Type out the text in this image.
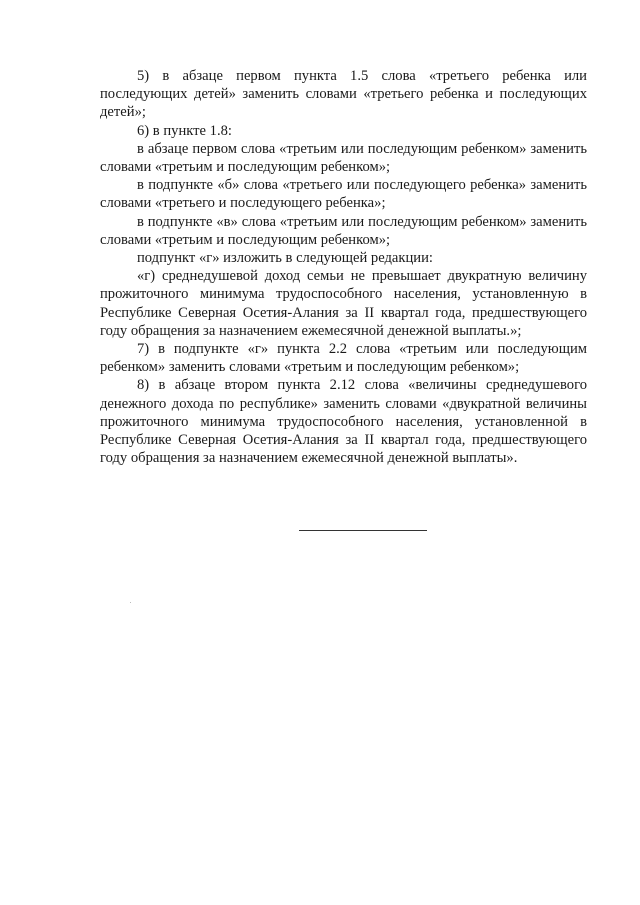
5) в абзаце первом пункта 1.5 слова «третьего ребенка или последующих детей» заменить словами «третьего ребенка и последующих детей»;

6) в пункте 1.8:

в абзаце первом слова «третьим или последующим ребенком» заменить словами «третьим и последующим ребенком»;

в подпункте «б» слова «третьего или последующего ребенка» заменить словами «третьего и последующего ребенка»;

в подпункте «в» слова «третьим или последующим ребенком» заменить словами «третьим и последующим ребенком»;

подпункт «г» изложить в следующей редакции:

«г) среднедушевой доход семьи не превышает двукратную величину прожиточного минимума трудоспособного населения, установленную в Республике Северная Осетия-Алания за II квартал года, предшествующего году обращения за назначением ежемесячной денежной выплаты.»;

7) в подпункте «г» пункта 2.2 слова «третьим или последующим ребенком» заменить словами «третьим и последующим ребенком»;

8) в абзаце втором пункта 2.12 слова «величины среднедушевого денежного дохода по республике» заменить словами «двукратной величины прожиточного минимума трудоспособного населения, установленной в Республике Северная Осетия-Алания за II квартал года, предшествующего году обращения за назначением ежемесячной денежной выплаты».
